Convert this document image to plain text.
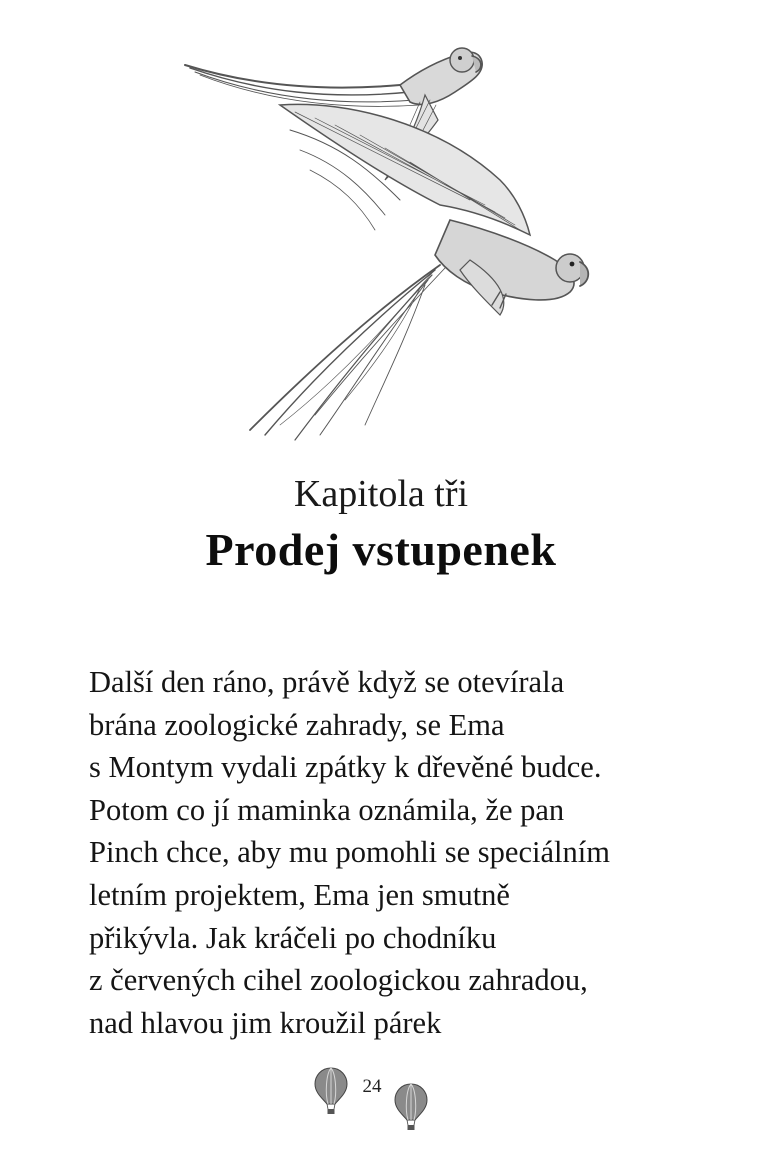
Kapitola tři
Prodej vstupenek
Další den ráno, právě když se otevírala
brána zoologické zahrady, se Ema
s Montym vydali zpátky k dřevěné budce.
Potom co jí maminka oznámila, že pan
Pinch chce, aby mu pomohli se speciálním
letním projektem, Ema jen smutně
přikývla. Jak kráčeli po chodníku
z červených cihel zoologickou zahradou,
nad hlavou jim kroužil párek
24
